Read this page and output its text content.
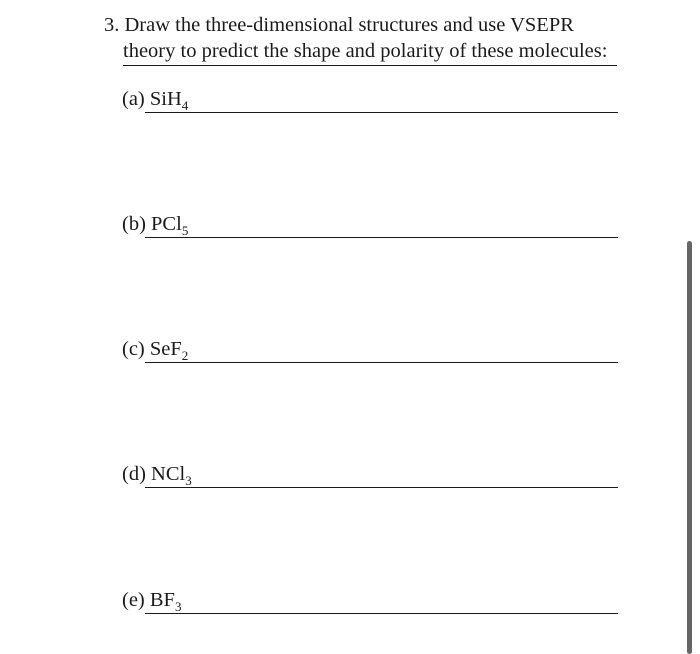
3. Draw the three-dimensional structures and use VSEPR
theory to predict the shape and polarity of these molecules:
(a) SiH$_4$
(b) PCl$_5$
(c) SeF$_2$
(d) NCl$_3$
(e) $BF_3$
